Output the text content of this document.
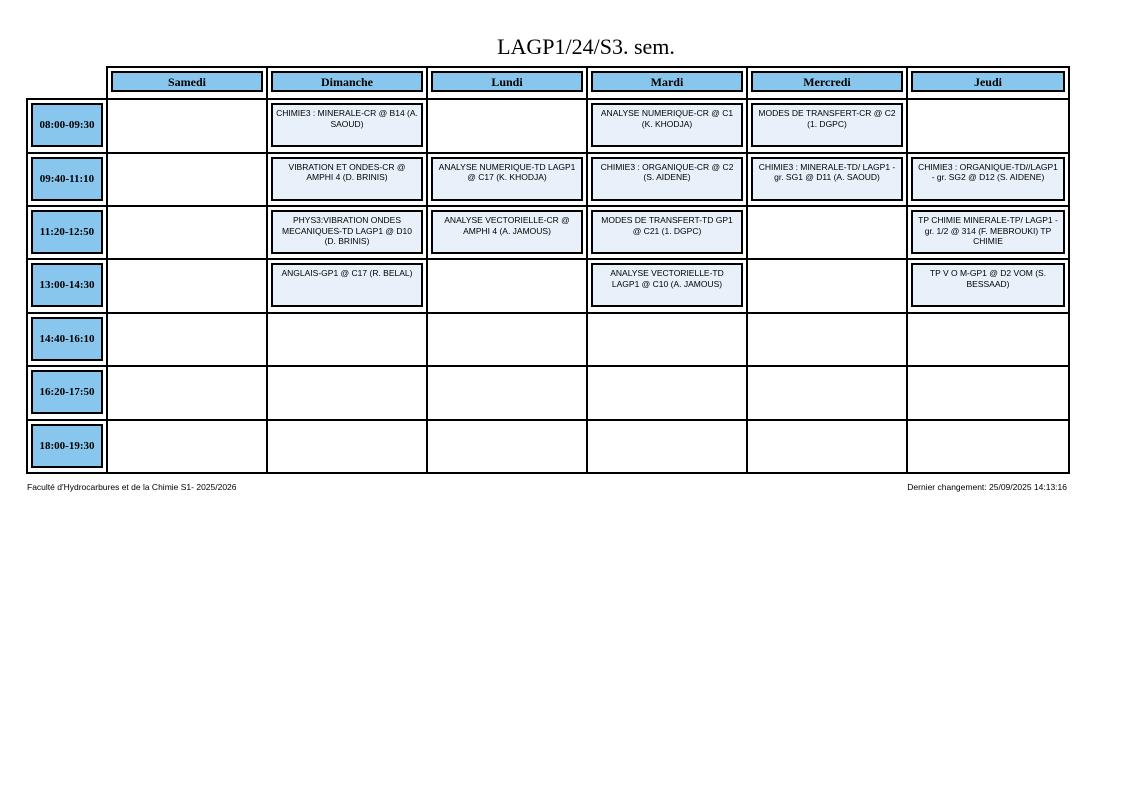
LAGP1/24/S3. sem.

	Samedi	Dimanche	Lundi	Mardi	Mercredi	Jeudi

08:00-09:30		CHIMIE3 : MINERALE-CR @ B14 (A. SAOUD)		ANALYSE NUMERIQUE-CR @ C1 (K. KHODJA)	MODES DE TRANSFERT-CR @ C2 (1. DGPC)	

09:40-11:10		VIBRATION ET ONDES-CR @ AMPHI 4 (D. BRINIS)	ANALYSE NUMERIQUE-TD LAGP1 @ C17 (K. KHODJA)	CHIMIE3 : ORGANIQUE-CR @ C2 (S. AIDENE)	CHIMIE3 : MINERALE-TD/ LAGP1 - gr. SG1 @ D11 (A. SAOUD)	CHIMIE3 : ORGANIQUE-TD//LAGP1 - gr. SG2 @ D12 (S. AIDENE)

11:20-12:50		PHYS3:VIBRATION ONDES MECANIQUES-TD LAGP1 @ D10 (D. BRINIS)	ANALYSE VECTORIELLE-CR @ AMPHI 4 (A. JAMOUS)	MODES DE TRANSFERT-TD GP1 @ C21 (1. DGPC)		TP CHIMIE MINERALE-TP/ LAGP1 - gr. 1/2 @ 314 (F. MEBROUKI) TP CHIMIE

13:00-14:30		ANGLAIS-GP1 @ C17 (R. BELAL)		ANALYSE VECTORIELLE-TD LAGP1 @ C10 (A. JAMOUS)		TP V O M-GP1 @ D2 VOM (S. BESSAAD)

14:40-16:10						

16:20-17:50						

18:00-19:30						

Faculté d'Hydrocarbures et de la Chimie S1- 2025/2026	Dernier changement: 25/09/2025 14:13:16
